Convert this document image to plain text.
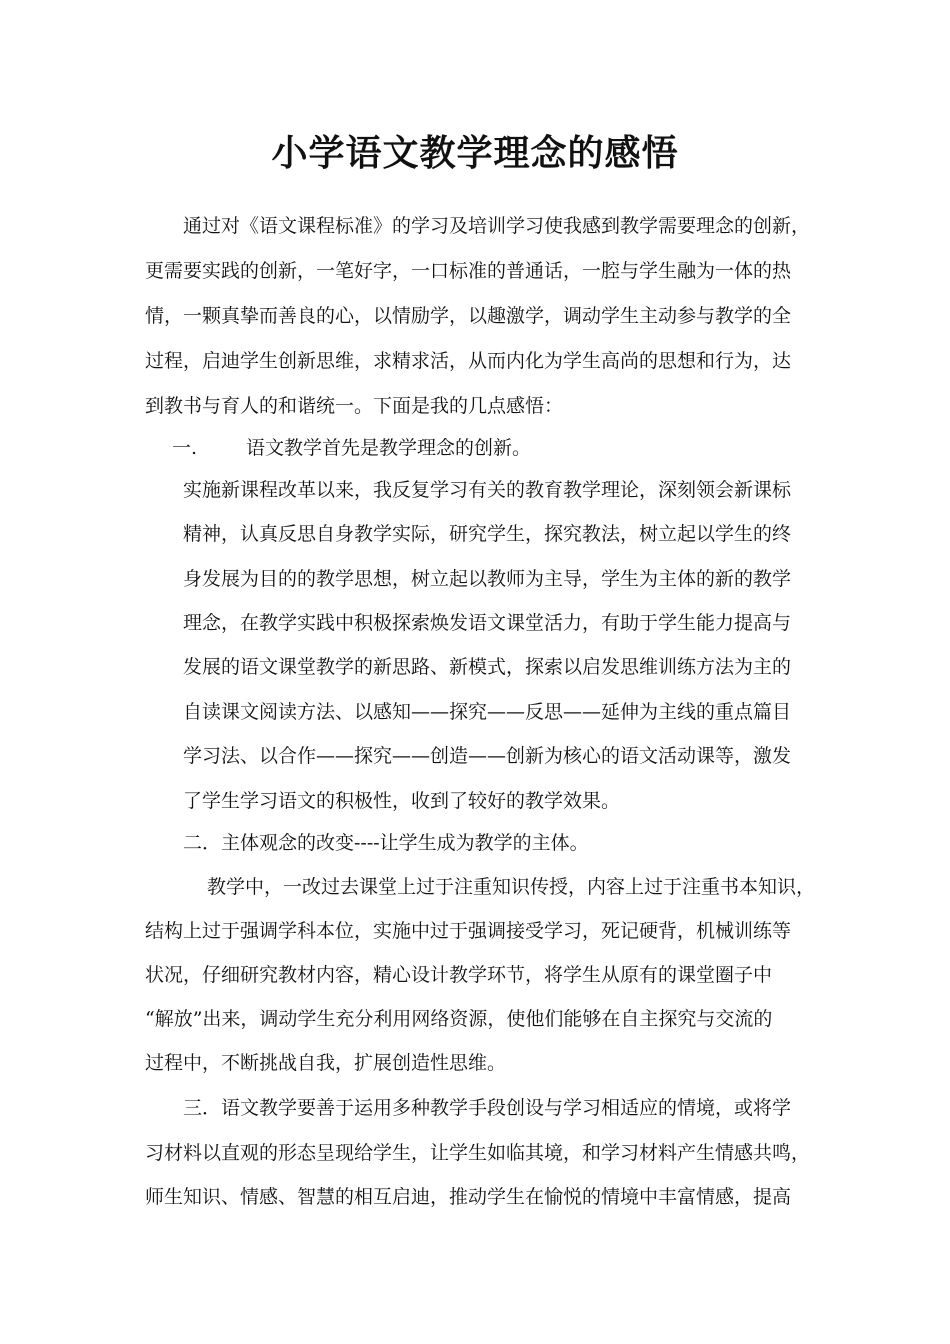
小学语文教学理念的感悟
通过对《语文课程标准》的学习及培训学习使我感到教学需要理念的创新，
更需要实践的创新，一笔好字，一口标准的普通话，一腔与学生融为一体的热
情，一颗真挚而善良的心，以情励学，以趣激学，调动学生主动参与教学的全
过程，启迪学生创新思维，求精求活，从而内化为学生高尚的思想和行为，达
到教书与育人的和谐统一。下面是我的几点感悟：
一.	语文教学首先是教学理念的创新。
实施新课程改革以来，我反复学习有关的教育教学理论，深刻领会新课标
精神，认真反思自身教学实际，研究学生，探究教法，树立起以学生的终
身发展为目的的教学思想，树立起以教师为主导，学生为主体的新的教学
理念，在教学实践中积极探索焕发语文课堂活力，有助于学生能力提高与
发展的语文课堂教学的新思路、新模式，探索以启发思维训练方法为主的
自读课文阅读方法、以感知——探究——反思——延伸为主线的重点篇目
学习法、以合作——探究——创造——创新为核心的语文活动课等，激发
了学生学习语文的积极性，收到了较好的教学效果。
二．主体观念的改变----让学生成为教学的主体。
教学中，一改过去课堂上过于注重知识传授，内容上过于注重书本知识，
结构上过于强调学科本位，实施中过于强调接受学习，死记硬背，机械训练等
状况，仔细研究教材内容，精心设计教学环节，将学生从原有的课堂圈子中
“解放”出来，调动学生充分利用网络资源，使他们能够在自主探究与交流的
过程中，不断挑战自我，扩展创造性思维。
三．语文教学要善于运用多种教学手段创设与学习相适应的情境，或将学
习材料以直观的形态呈现给学生，让学生如临其境，和学习材料产生情感共鸣，
师生知识、情感、智慧的相互启迪，推动学生在愉悦的情境中丰富情感，提高
